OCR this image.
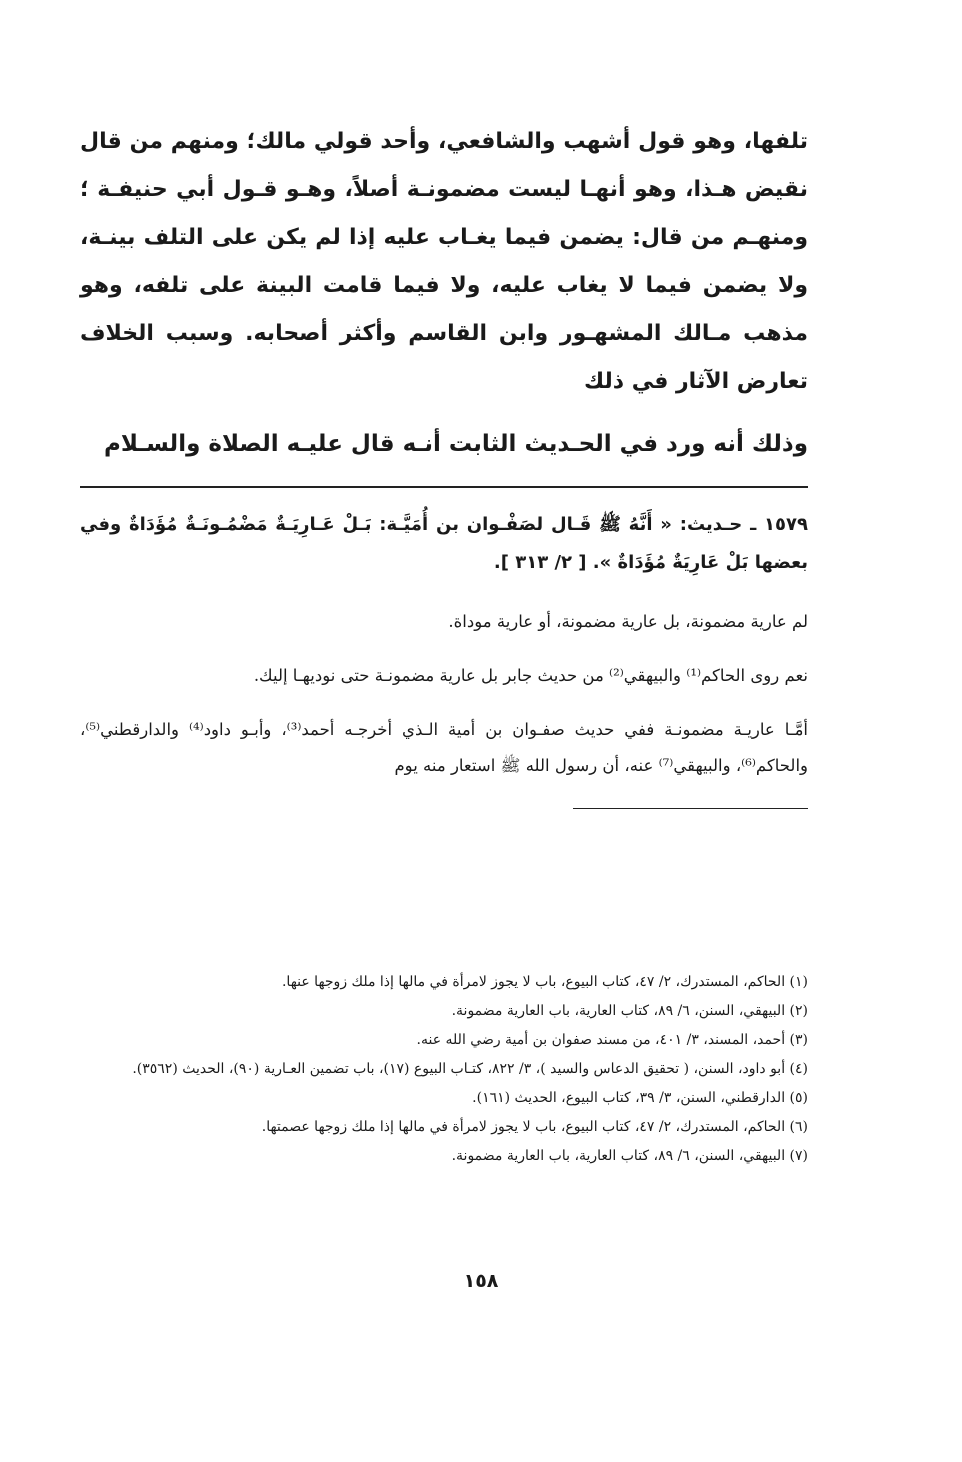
تلفها، وهو قول أشهب والشافعي، وأحد قولي مالك؛ ومنهم من قال نقيض هـذا، وهو أنهـا ليست مضمونـة أصلاً، وهـو قـول أبي حنيفـة ؛ ومنهـم من قال: يضمن فيما يغـاب عليه إذا لم يكن على التلف بينـة، ولا يضمن فيما لا يغاب عليه، ولا فيما قامت البينة على تلفه، وهو مذهب مـالك المشهـور وابن القاسم وأكثر أصحابه. وسبب الخلاف تعارض الآثار في ذلك

وذلك أنه ورد في الحـديث الثابت أنـه قال عليـه الصلاة والسـلام

١٥٧٩ ـ حـديث: « أَنَّهُ ﷺ قَـال لصَفْـوان بن أُمَيَّـة: بَـلْ عَـارِيَـةٌ مَضْمُـونَـةٌ مُؤَدَاةٌ وفي بعضها بَلْ عَارِيَةٌ مُؤَدَاةٌ ». [ ٢/ ٣١٣ ].

لم عارية مضمونة، بل عارية مضمونة، أو عارية موداة.

نعم روى الحاكم⁽¹⁾ والبيهقي⁽²⁾ من حديث جابر بل عارية مضمونـة حتى نوديهـا إليك.

أمَّـا عاريـة مضمونـة ففي حديث صفـوان بن أمية الـذي أخرجـه أحمد⁽³⁾، وأبـو داود⁽⁴⁾ والدارقطني⁽⁵⁾، والحاكم⁽⁶⁾، والبيهقي⁽⁷⁾ عنه، أن رسول الله ﷺ استعار منه يوم

(١) الحاكم، المستدرك، ٢/ ٤٧، كتاب البيوع، باب لا يجوز لامرأة في مالها إذا ملك زوجها عنها.

(٢) البيهقي، السنن، ٦/ ٨٩، كتاب العارية، باب العارية مضمونة.

(٣) أحمد، المسند، ٣/ ٤٠١، من مسند صفوان بن أمية رضي الله عنه.

(٤) أبو داود، السنن، ( تحقيق الدعاس والسيد )، ٣/ ٨٢٢، كتـاب البيوع (١٧)، باب تضمين العـارية (٩٠)، الحديث (٣٥٦٢).

(٥) الدارقطني، السنن، ٣/ ٣٩، كتاب البيوع، الحديث (١٦١).

(٦) الحاكم، المستدرك، ٢/ ٤٧، كتاب البيوع، باب لا يجوز لامرأة في مالها إذا ملك زوجها عصمتها.

(٧) البيهقي، السنن، ٦/ ٨٩، كتاب العارية، باب العارية مضمونة.

١٥٨
